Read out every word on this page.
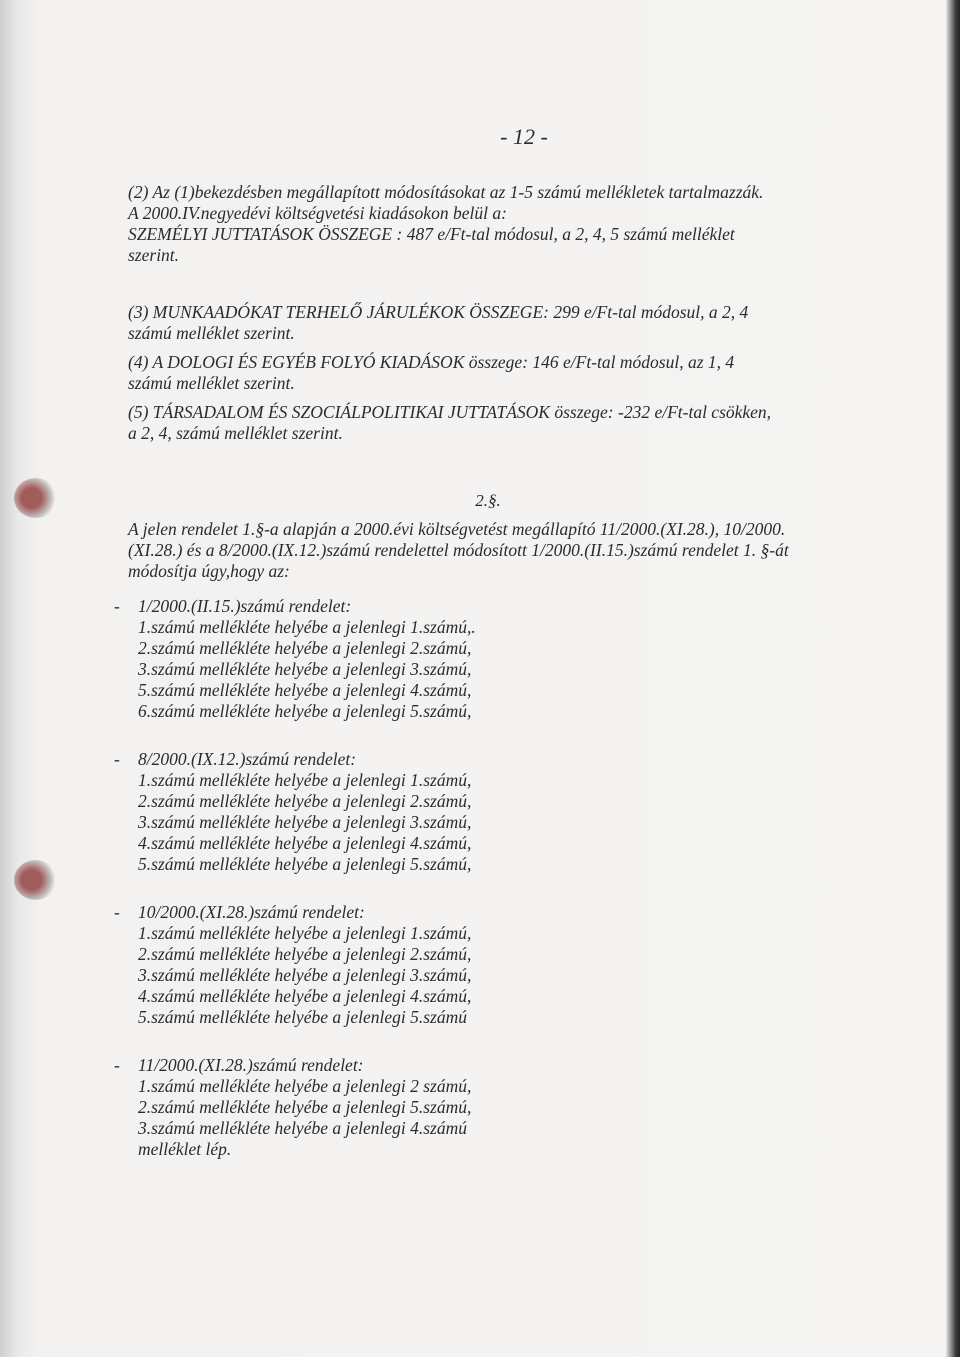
- 12 -

(2) Az (1)bekezdésben megállapított módosításokat az 1-5 számú mellékletek tartalmazzák.

A 2000.IV.negyedévi költségvetési kiadásokon belül a:

SZEMÉLYI JUTTATÁSOK ÖSSZEGE : 487 e/Ft-tal módosul, a 2, 4, 5 számú melléklet

szerint.

(3) MUNKAADÓKAT TERHELŐ JÁRULÉKOK ÖSSZEGE: 299 e/Ft-tal módosul, a 2, 4

számú melléklet szerint.

(4) A DOLOGI ÉS EGYÉB FOLYÓ KIADÁSOK összege: 146 e/Ft-tal módosul, az 1, 4

számú melléklet szerint.

(5) TÁRSADALOM ÉS SZOCIÁLPOLITIKAI JUTTATÁSOK összege: -232 e/Ft-tal csökken,

a 2, 4, számú melléklet szerint.

2.§.

A jelen rendelet 1.§-a alapján a 2000.évi költségvetést megállapító 11/2000.(XI.28.), 10/2000.

(XI.28.) és a 8/2000.(IX.12.)számú rendelettel módosított 1/2000.(II.15.)számú rendelet 1. §-át

módosítja úgy,hogy az:

- 1/2000.(II.15.)számú rendelet:

1.számú mellékléte helyébe a jelenlegi 1.számú,.

2.számú mellékléte helyébe a jelenlegi 2.számú,

3.számú mellékléte helyébe a jelenlegi 3.számú,

5.számú mellékléte helyébe a jelenlegi 4.számú,

6.számú mellékléte helyébe a jelenlegi 5.számú,

- 8/2000.(IX.12.)számú rendelet:

1.számú mellékléte helyébe a jelenlegi 1.számú,

2.számú mellékléte helyébe a jelenlegi 2.számú,

3.számú mellékléte helyébe a jelenlegi 3.számú,

4.számú mellékléte helyébe a jelenlegi 4.számú,

5.számú mellékléte helyébe a jelenlegi 5.számú,

- 10/2000.(XI.28.)számú rendelet:

1.számú mellékléte helyébe a jelenlegi 1.számú,

2.számú mellékléte helyébe a jelenlegi 2.számú,

3.számú mellékléte helyébe a jelenlegi 3.számú,

4.számú mellékléte helyébe a jelenlegi 4.számú,

5.számú mellékléte helyébe a jelenlegi 5.számú

- 11/2000.(XI.28.)számú rendelet:

1.számú mellékléte helyébe a jelenlegi 2 számú,

2.számú mellékléte helyébe a jelenlegi 5.számú,

3.számú mellékléte helyébe a jelenlegi 4.számú

melléklet lép.
